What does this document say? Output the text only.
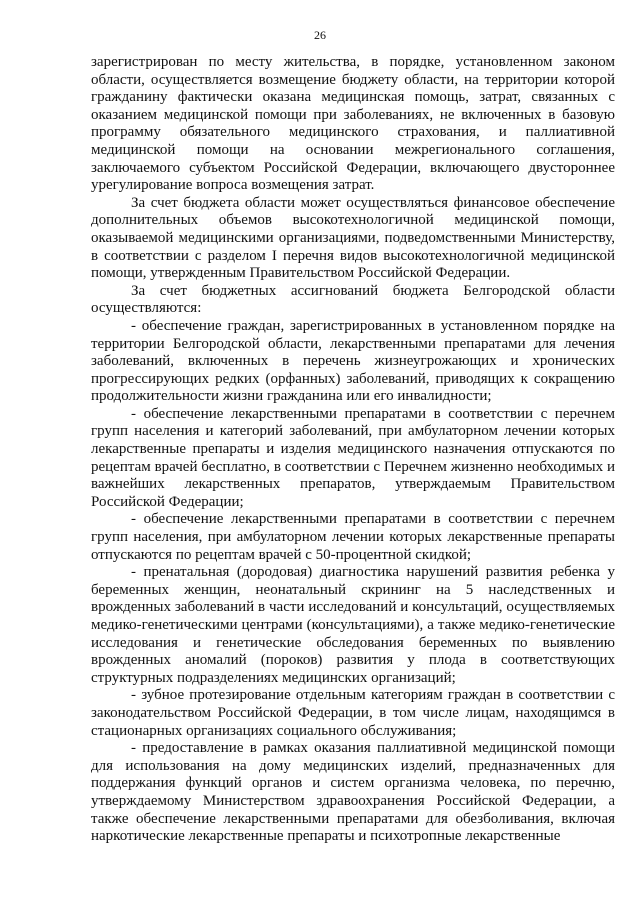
26

зарегистрирован по месту жительства, в порядке, установленном законом области, осуществляется возмещение бюджету области, на территории которой гражданину фактически оказана медицинская помощь, затрат, связанных с оказанием медицинской помощи при заболеваниях, не включенных в базовую программу обязательного медицинского страхования, и паллиативной медицинской помощи на основании межрегионального соглашения, заключаемого субъектом Российской Федерации, включающего двустороннее урегулирование вопроса возмещения затрат.

За счет бюджета области может осуществляться финансовое обеспечение дополнительных объемов высокотехнологичной медицинской помощи, оказываемой медицинскими организациями, подведомственными Министерству, в соответствии с разделом I перечня видов высокотехнологичной медицинской помощи, утвержденным Правительством Российской Федерации.

За счет бюджетных ассигнований бюджета Белгородской области осуществляются:

- обеспечение граждан, зарегистрированных в установленном порядке на территории Белгородской области, лекарственными препаратами для лечения заболеваний, включенных в перечень жизнеугрожающих и хронических прогрессирующих редких (орфанных) заболеваний, приводящих к сокращению продолжительности жизни гражданина или его инвалидности;

- обеспечение лекарственными препаратами в соответствии с перечнем групп населения и категорий заболеваний, при амбулаторном лечении которых лекарственные препараты и изделия медицинского назначения отпускаются по рецептам врачей бесплатно, в соответствии с Перечнем жизненно необходимых и важнейших лекарственных препаратов, утверждаемым Правительством Российской Федерации;

- обеспечение лекарственными препаратами в соответствии с перечнем групп населения, при амбулаторном лечении которых лекарственные препараты отпускаются по рецептам врачей с 50-процентной скидкой;

- пренатальная (дородовая) диагностика нарушений развития ребенка у беременных женщин, неонатальный скрининг на 5 наследственных и врожденных заболеваний в части исследований и консультаций, осуществляемых медико-генетическими центрами (консультациями), а также медико-генетические исследования и генетические обследования беременных по выявлению врожденных аномалий (пороков) развития у плода в соответствующих структурных подразделениях медицинских организаций;

- зубное протезирование отдельным категориям граждан в соответствии с законодательством Российской Федерации, в том числе лицам, находящимся в стационарных организациях социального обслуживания;

- предоставление в рамках оказания паллиативной медицинской помощи для использования на дому медицинских изделий, предназначенных для поддержания функций органов и систем организма человека, по перечню, утверждаемому Министерством здравоохранения Российской Федерации, а также обеспечение лекарственными препаратами для обезболивания, включая наркотические лекарственные препараты и психотропные лекарственные
